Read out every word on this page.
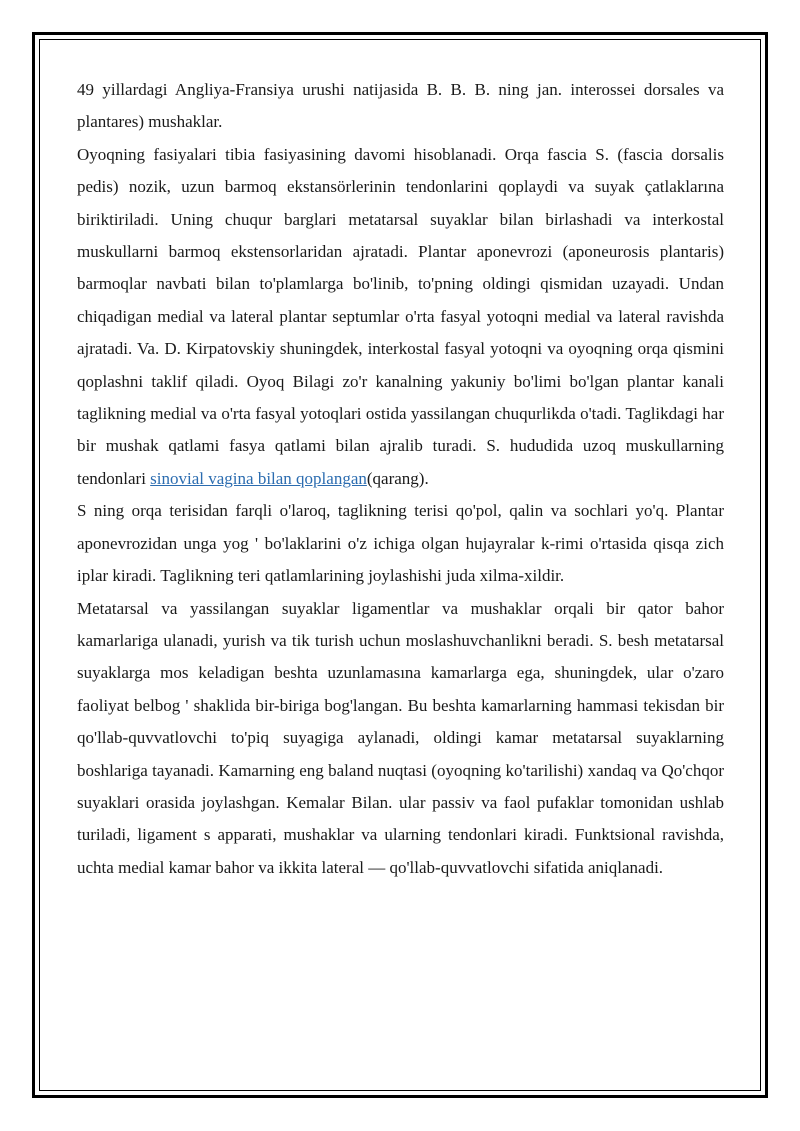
49 yillardagi Angliya-Fransiya urushi natijasida B. B. B. ning jan. interossei dorsales va plantares) mushaklar.

Oyoqning fasiyalari tibia fasiyasining davomi hisoblanadi. Orqa fascia S. (fascia dorsalis pedis) nozik, uzun barmoq ekstansörlerinin tendonlarini qoplaydi va suyak çatlaklarına biriktiriladi. Uning chuqur barglari metatarsal suyaklar bilan birlashadi va interkostal muskullarni barmoq ekstensorlaridan ajratadi. Plantar aponevrozi (aponeurosis plantaris) barmoqlar navbati bilan to'plamlarga bo'linib, to'pning oldingi qismidan uzayadi. Undan chiqadigan medial va lateral plantar septumlar o'rta fasyal yotoqni medial va lateral ravishda ajratadi. Va. D. Kirpatovskiy shuningdek, interkostal fasyal yotoqni va oyoqning orqa qismini qoplashni taklif qiladi. Oyoq Bilagi zo'r kanalning yakuniy bo'limi bo'lgan plantar kanali taglikning medial va o'rta fasyal yotoqlari ostida yassilangan chuqurlikda o'tadi. Taglikdagi har bir mushak qatlami fasya qatlami bilan ajralib turadi. S. hududida uzoq muskullarning tendonlari sinovial vagina bilan qoplangan(qarang).

S ning orqa terisidan farqli o'laroq, taglikning terisi qo'pol, qalin va sochlari yo'q. Plantar aponevrozidan unga yog ' bo'laklarini o'z ichiga olgan hujayralar k-rimi o'rtasida qisqa zich iplar kiradi. Taglikning teri qatlamlarining joylashishi juda xilma-xildir.

Metatarsal va yassilangan suyaklar ligamentlar va mushaklar orqali bir qator bahor kamarlariga ulanadi, yurish va tik turish uchun moslashuvchanlikni beradi. S. besh metatarsal suyaklarga mos keladigan beshta uzunlamasına kamarlarga ega, shuningdek, ular o'zaro faoliyat belbog ' shaklida bir-biriga bog'langan. Bu beshta kamarlarning hammasi tekisdan bir qo'llab-quvvatlovchi to'piq suyagiga aylanadi, oldingi kamar metatarsal suyaklarning boshlariga tayanadi. Kamarning eng baland nuqtasi (oyoqning ko'tarilishi) xandaq va Qo'chqor suyaklari orasida joylashgan. Kemalar Bilan. ular passiv va faol pufaklar tomonidan ushlab turiladi, ligament s apparati, mushaklar va ularning tendonlari kiradi. Funktsional ravishda, uchta medial kamar bahor va ikkita lateral — qo'llab-quvvatlovchi sifatida aniqlanadi.
